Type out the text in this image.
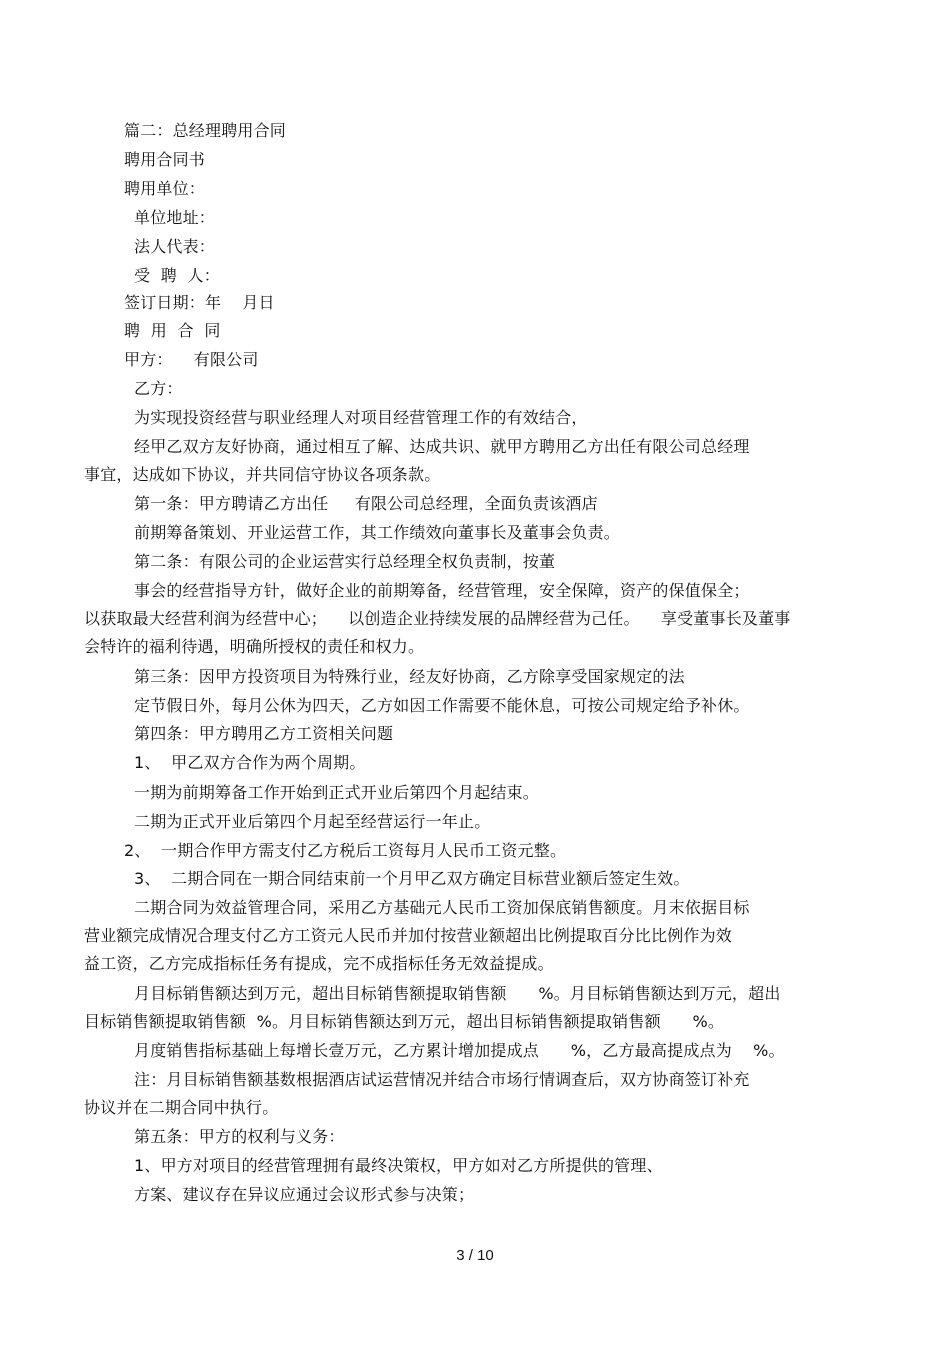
篇二：总经理聘用合同
聘用合同书
聘用单位：
单位地址：
法人代表：
受  聘  人：
签订日期：年    月日
聘  用  合  同
甲方：    有限公司
乙方：
为实现投资经营与职业经理人对项目经营管理工作的有效结合，
经甲乙双方友好协商，通过相互了解、达成共识、就甲方聘用乙方出任有限公司总经理
事宜，达成如下协议，并共同信守协议各项条款。
第一条：甲方聘请乙方出任     有限公司总经理，全面负责该酒店
前期筹备策划、开业运营工作，其工作绩效向董事长及董事会负责。
第二条：有限公司的企业运营实行总经理全权负责制，按董
事会的经营指导方针，做好企业的前期筹备，经营管理，安全保障，资产的保值保全；
以获取最大经营利润为经营中心；    以创造企业持续发展的品牌经营为己任。    享受董事长及董事
会特许的福利待遇，明确所授权的责任和权力。
第三条：因甲方投资项目为特殊行业，经友好协商，乙方除享受国家规定的法
定节假日外，每月公休为四天，乙方如因工作需要不能休息，可按公司规定给予补休。
第四条：甲方聘用乙方工资相关问题
1、  甲乙双方合作为两个周期。
一期为前期筹备工作开始到正式开业后第四个月起结束。
二期为正式开业后第四个月起至经营运行一年止。
2、  一期合作甲方需支付乙方税后工资每月人民币工资元整。
3、  二期合同在一期合同结束前一个月甲乙双方确定目标营业额后签定生效。
二期合同为效益管理合同，采用乙方基础元人民币工资加保底销售额度。月末依据目标
营业额完成情况合理支付乙方工资元人民币并加付按营业额超出比例提取百分比比例作为效
益工资，乙方完成指标任务有提成，完不成指标任务无效益提成。
月目标销售额达到万元，超出目标销售额提取销售额      %。月目标销售额达到万元，超出
目标销售额提取销售额  %。月目标销售额达到万元，超出目标销售额提取销售额      %。
月度销售指标基础上每增长壹万元，乙方累计增加提成点      %，乙方最高提成点为    %。
注：月目标销售额基数根据酒店试运营情况并结合市场行情调查后，双方协商签订补充
协议并在二期合同中执行。
第五条：甲方的权利与义务：
1、甲方对项目的经营管理拥有最终决策权，甲方如对乙方所提供的管理、
方案、建议存在异议应通过会议形式参与决策；
3 / 10
